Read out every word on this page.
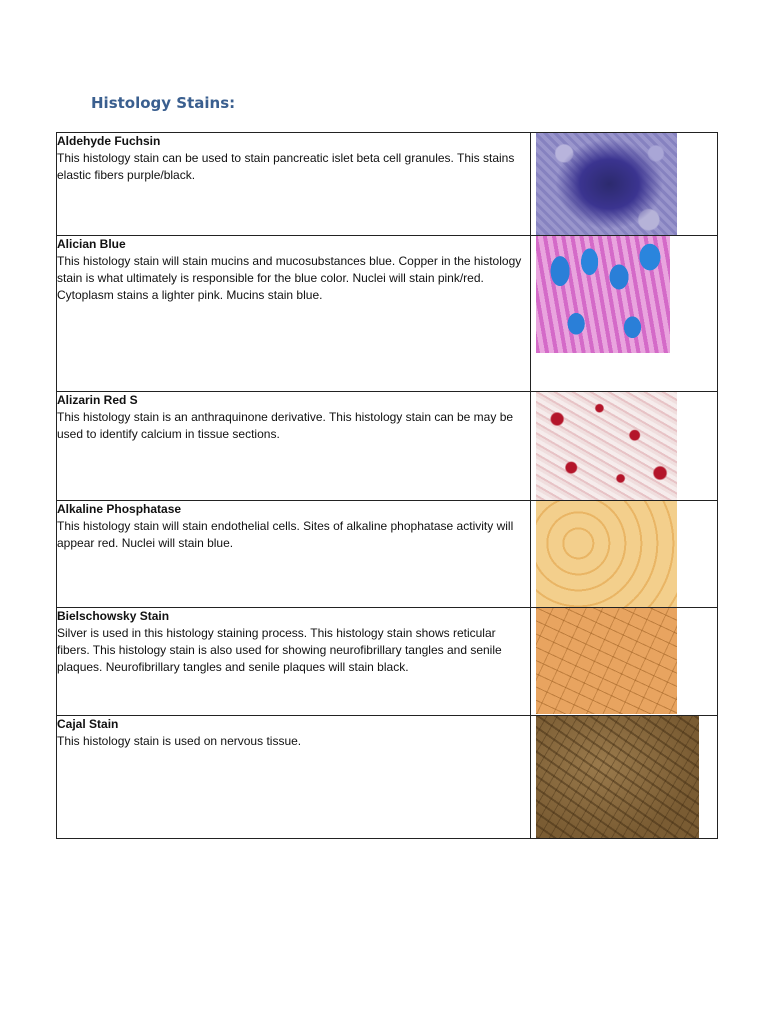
Histology Stains:
Aldehyde Fuchsin
This histology stain can be used to stain pancreatic islet beta cell granules. This stains elastic fibers purple/black.	

Alician Blue
This histology stain will stain mucins and mucosubstances blue. Copper in the histology stain is what ultimately is responsible for the blue color. Nuclei will stain pink/red. Cytoplasm stains a lighter pink. Mucins stain blue.	

Alizarin Red S
This histology stain is an anthraquinone derivative. This histology stain can be may be used to identify calcium in tissue sections.	

Alkaline Phosphatase
This histology stain will stain endothelial cells. Sites of alkaline phophatase activity will appear red. Nuclei will stain blue.	

Bielschowsky Stain
Silver is used in this histology staining process. This histology stain shows reticular fibers. This histology stain is also used for showing neurofibrillary tangles and senile plaques. Neurofibrillary tangles and senile plaques will stain black.	

Cajal Stain
This histology stain is used on nervous tissue.	
